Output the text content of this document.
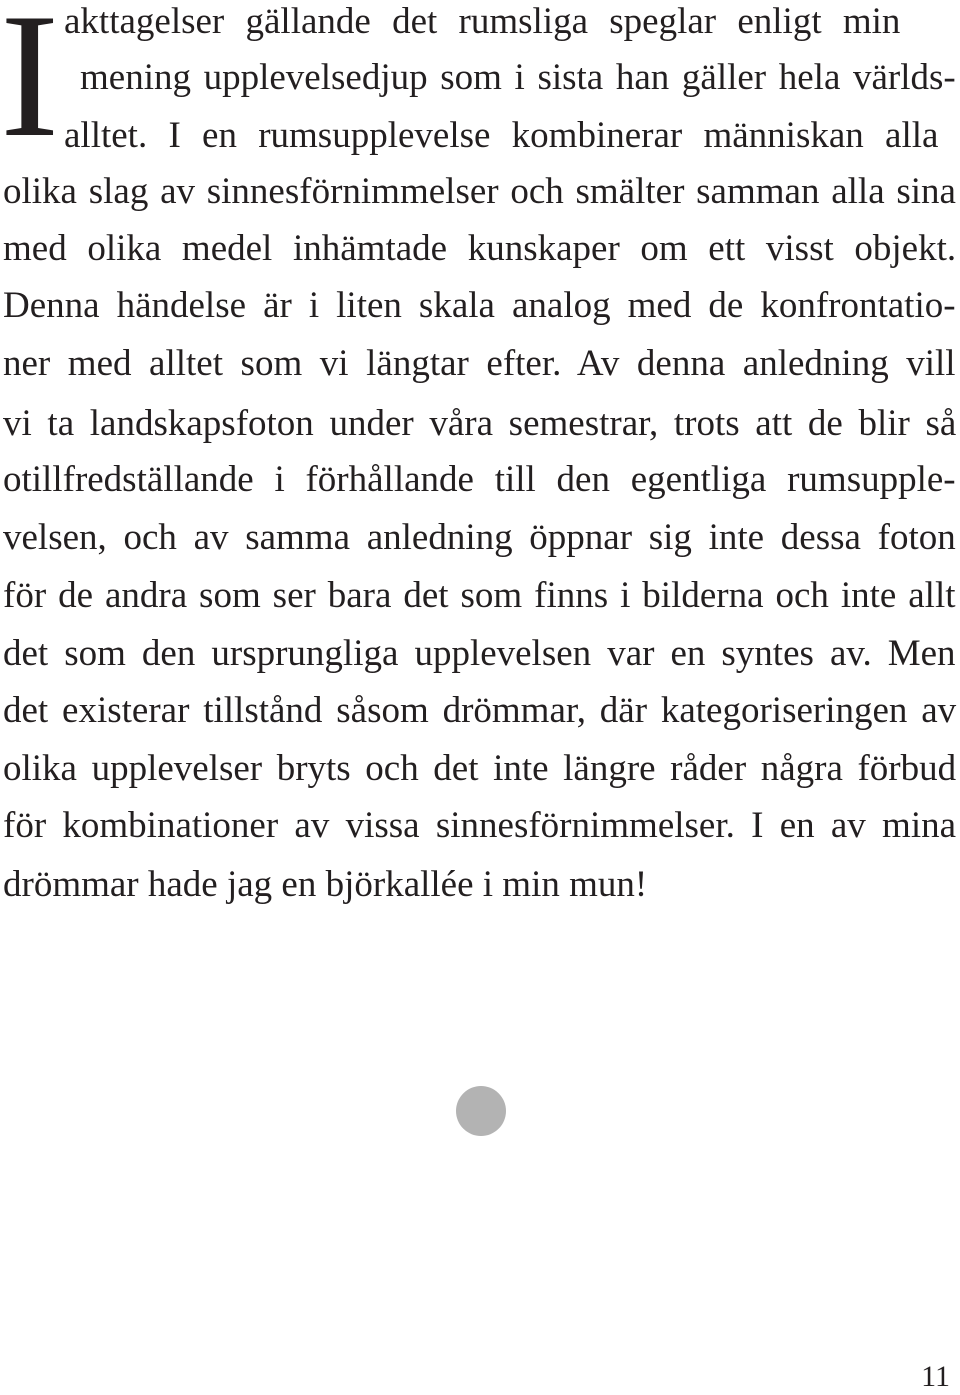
I akttagelser gällande det rumsliga speglar enligt min
mening upplevelsedjup som i sista han gäller hela världs-
alltet. I en rumsupplevelse kombinerar människan alla
olika slag av sinnesförnimmelser och smälter samman alla sina
med olika medel inhämtade kunskaper om ett visst objekt.
Denna händelse är i liten skala analog med de konfrontatio-
ner med alltet som vi längtar efter. Av denna anledning vill
vi ta landskapsfoton under våra semestrar, trots att de blir så
otillfredställande i förhållande till den egentliga rumsupple-
velsen, och av samma anledning öppnar sig inte dessa foton
för de andra som ser bara det som finns i bilderna och inte allt
det som den ursprungliga upplevelsen var en syntes av. Men
det existerar tillstånd såsom drömmar, där kategoriseringen av
olika upplevelser bryts och det inte längre råder några förbud
för kombinationer av vissa sinnesförnimmelser. I en av mina
drömmar hade jag en björkallée i min mun!
11
